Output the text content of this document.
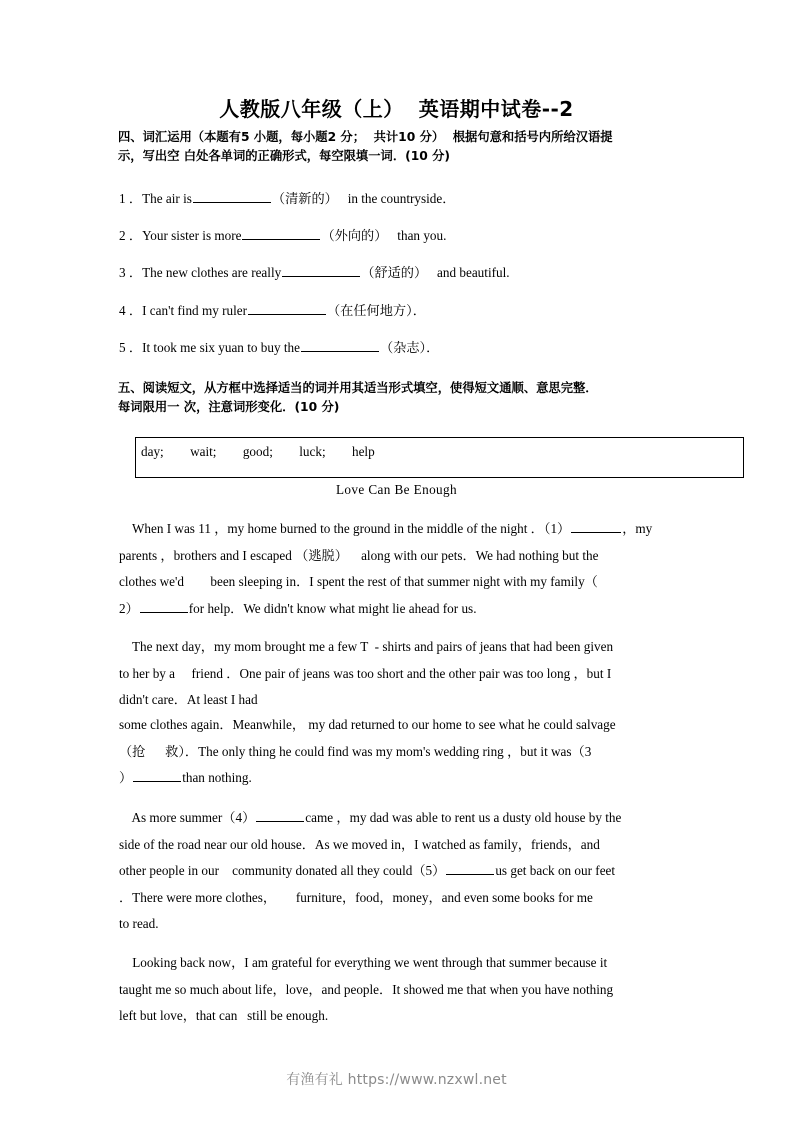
人教版八年级（上）  英语期中试卷--2
四、词汇运用（本题有5 小题，每小题2 分；  共计10 分）  根据句意和括号内所给汉语提
示，写出空 白处各单词的正确形式，每空限填一词．(10 分)
1 ．The air is	（清新的）   in the countryside．
2 ．Your sister is more	（外向的）   than you.
3 ．The new clothes are really	（舒适的）   and beautiful.
4 ．I can't find my ruler	（在任何地方）．
5 ．It took me six yuan to buy the	（杂志）．
五、阅读短文，从方框中选择适当的词并用其适当形式填空，使得短文通顺、意思完整．
每词限用一 次，注意词形变化．(10 分)
day;        wait;        good;        luck;        help
Love Can Be Enough
When I was 11 ，my home burned to the ground in the middle of the night ．（1）	，my
parents ，brothers and I escaped （逃脱）    along with our pets．We had nothing but the
clothes we'd        been sleeping in．I spent the rest of that summer night with my family（
2）	for help．We didn't know what might lie ahead for us.
The next day，my mom brought me a few T  - shirts and pairs of jeans that had been given
to her by a     friend ．One pair of jeans was too short and the other pair was too long ，but I
didn't care．At least I had
some clothes again．Meanwhile， my dad returned to our home to see what he could salvage
（抢      救）．The only thing he could find was my mom's wedding ring ，but it was（3
）	than nothing.
As more summer（4）	came ，my dad was able to rent us a dusty old house by the
side of the road near our old house．As we moved in，I watched as family，friends，and
other people in our    community donated all they could（5）	us get back on our feet
．There were more clothes，      furniture，food，money，and even some books for me
to read.
Looking back now，I am grateful for everything we went through that summer because it
taught me so much about life，love，and people．It showed me that when you have nothing
left but love，that can   still be enough.
有渔有礼 https://www.nzxwl.net
